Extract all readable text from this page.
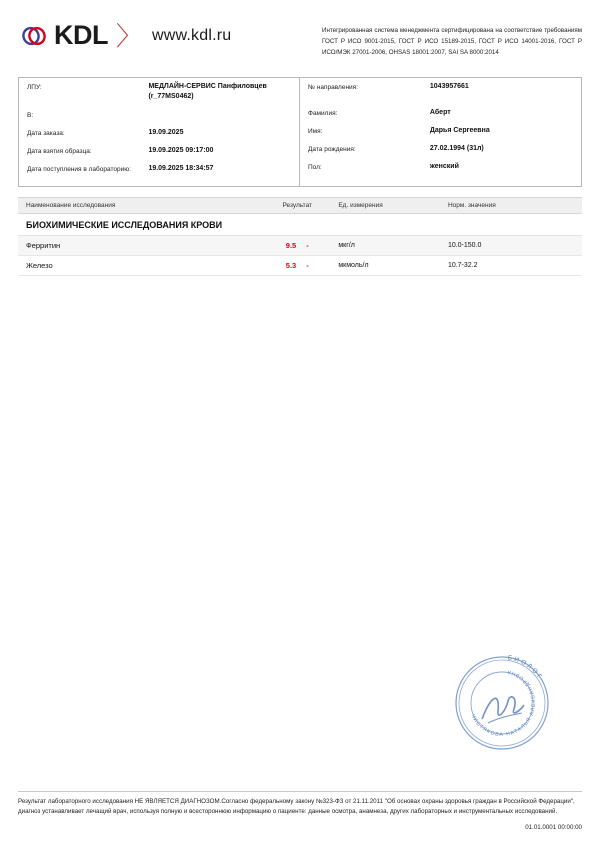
KDL 〉 www.kdl.ru	Интегрированная система менеджмента сертифицирована на соответствие требованиям ГОСТ Р ИСО 9001-2015, ГОСТ Р ИСО 15189-2015, ГОСТ Р ИСО 14001-2016, ГОСТ Р ИСО/МЭК 27001-2006, OHSAS 18001:2007, SAI SA 8000:2014
ЛПУ:	МЕДЛАЙН-СЕРВИС Панфиловцев (r_77MS0462)
В:
Дата заказа:	19.09.2025
Дата взятия образца:	19.09.2025 09:17:00
Дата поступления в лабораторию:	19.09.2025 18:34:57
№ направления:	1043957661
Фамилия:	Аберт
Имя:	Дарья Сергеевна
Дата рождения:	27.02.1994 (31л)
Пол:	женский
Наименование исследования	Результат	Ед. измерения	Норм. значения
БИОХИМИЧЕСКИЕ ИССЛЕДОВАНИЯ КРОВИ
Ферритин	9.5 -	мкг/л	10.0-150.0
Железо	5.3 -	мкмоль/л	10.7-32.2
БИОЛОГ
ЧИСТЯКОВА НАТАЛЬЯ АЛЕКСАНДРОВНА
Результат лабораторного исследования НЕ ЯВЛЯЕТСЯ ДИАГНОЗОМ.Согласно федеральному закону №323-ФЗ от 21.11.2011 "Об основах охраны здоровья граждан в Российской Федерации", диагноз устанавливает лечащий врач, используя полную и всестороннюю информацию о пациенте: данные осмотра, анамнеза, других лабораторных и инструментальных исследований.
01.01.0001 00:00:00
